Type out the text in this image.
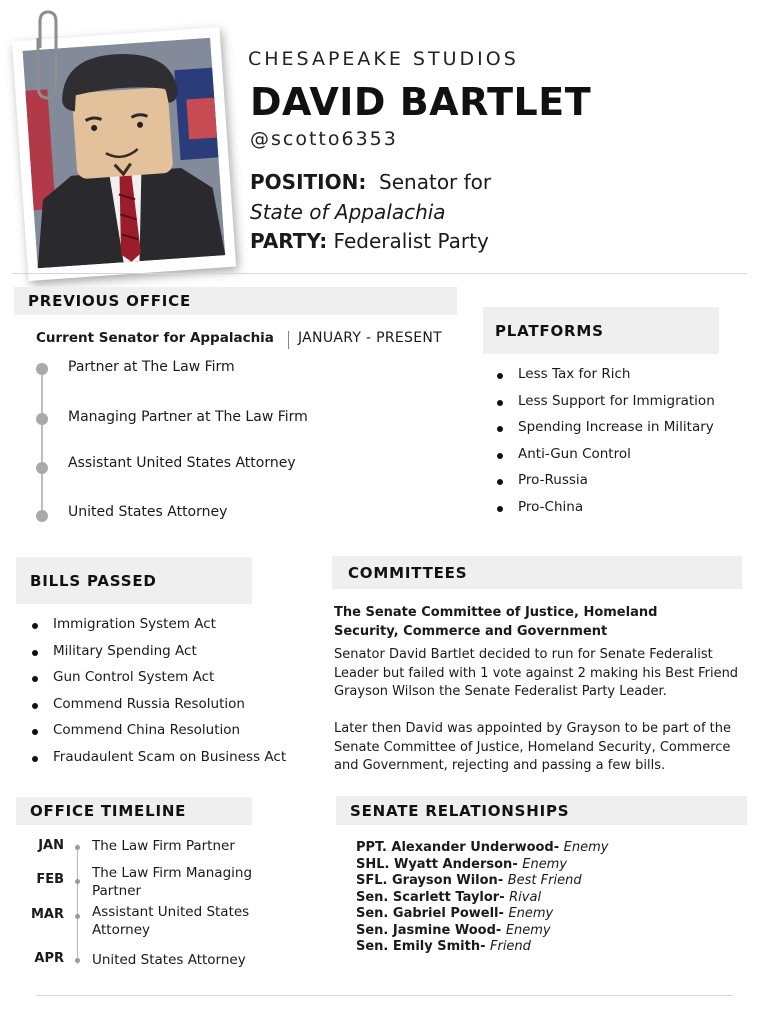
CHESAPEAKE STUDIOS
DAVID BARTLET
@scotto6353
POSITION: Senator for
State of Appalachia
PARTY: Federalist Party
PREVIOUS OFFICE
Current Senator for Appalachia JANUARY - PRESENT
Partner at The Law Firm
Managing Partner at The Law Firm
Assistant United States Attorney
United States Attorney
PLATFORMS
Less Tax for Rich
Less Support for Immigration
Spending Increase in Military
Anti-Gun Control
Pro-Russia
Pro-China
BILLS PASSED
Immigration System Act
Military Spending Act
Gun Control System Act
Commend Russia Resolution
Commend China Resolution
Fraudaulent Scam on Business Act
COMMITTEES
The Senate Committee of Justice, Homeland
Security, Commerce and Government
Senator David Bartlet decided to run for Senate Federalist Leader but failed with 1 vote against 2 making his Best Friend Grayson Wilson the Senate Federalist Party Leader.
Later then David was appointed by Grayson to be part of the Senate Committee of Justice, Homeland Security, Commerce and Government, rejecting and passing a few bills.
OFFICE TIMELINE
JAN The Law Firm Partner
FEB The Law Firm Managing Partner
MAR Assistant United States Attorney
APR United States Attorney
SENATE RELATIONSHIPS
PPT. Alexander Underwood- Enemy
SHL. Wyatt Anderson- Enemy
SFL. Grayson Wilon- Best Friend
Sen. Scarlett Taylor- Rival
Sen. Gabriel Powell- Enemy
Sen. Jasmine Wood- Enemy
Sen. Emily Smith- Friend
